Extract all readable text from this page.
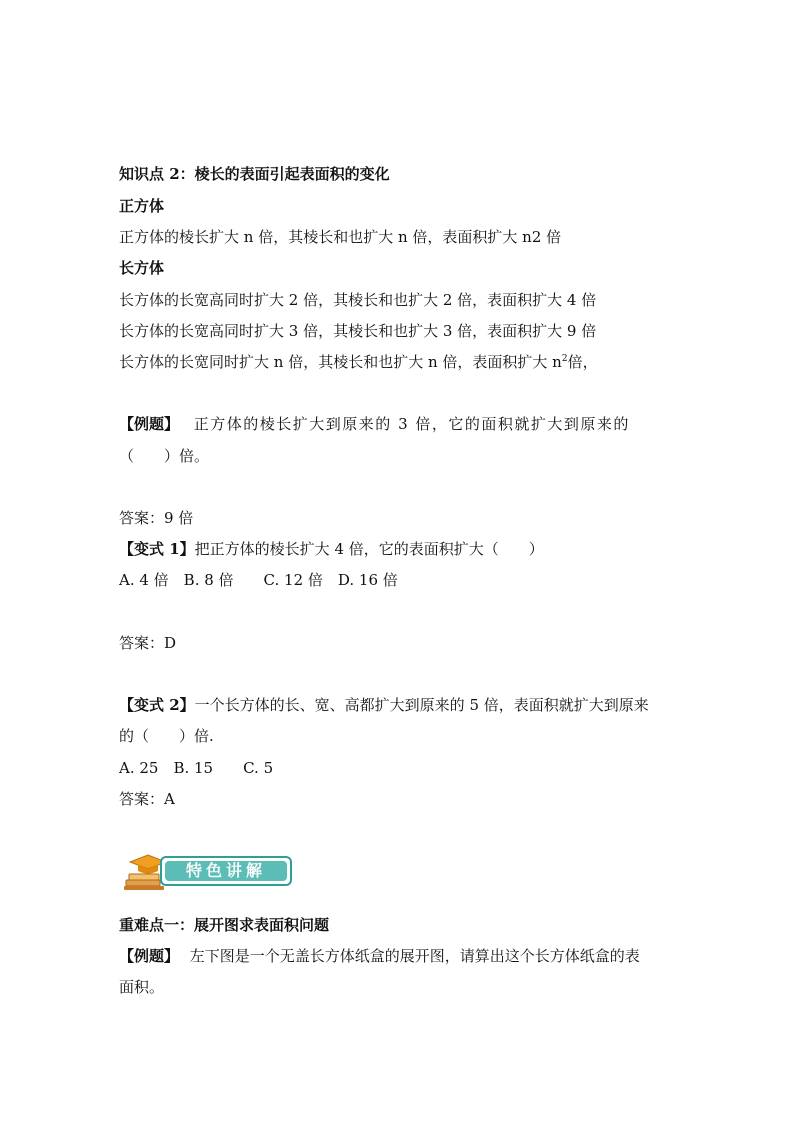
知识点 2：棱长的表面引起表面积的变化
正方体
正方体的棱长扩大 n 倍，其棱长和也扩大 n 倍，表面积扩大 n2 倍
长方体
长方体的长宽高同时扩大 2 倍，其棱长和也扩大 2 倍，表面积扩大 4 倍
长方体的长宽高同时扩大 3 倍，其棱长和也扩大 3 倍，表面积扩大 9 倍
长方体的长宽同时扩大 n 倍，其棱长和也扩大 n 倍，表面积扩大 $n^2$倍，
【例题】 正方体的棱长扩大到原来的 3 倍，它的面积就扩大到原来的
（　　）倍。
答案：9 倍
【变式 1】把正方体的棱长扩大 4 倍，它的表面积扩大（　　）
A. 4 倍　B. 8 倍　　C. 12 倍　D. 16 倍
答案：D
【变式 2】一个长方体的长、宽、高都扩大到原来的 5 倍，表面积就扩大到原来
的（　　）倍.
A. 25　B. 15　　C. 5
答案：A
特色讲解
重难点一：展开图求表面积问题
【例题】 左下图是一个无盖长方体纸盒的展开图，请算出这个长方体纸盒的表
面积。
